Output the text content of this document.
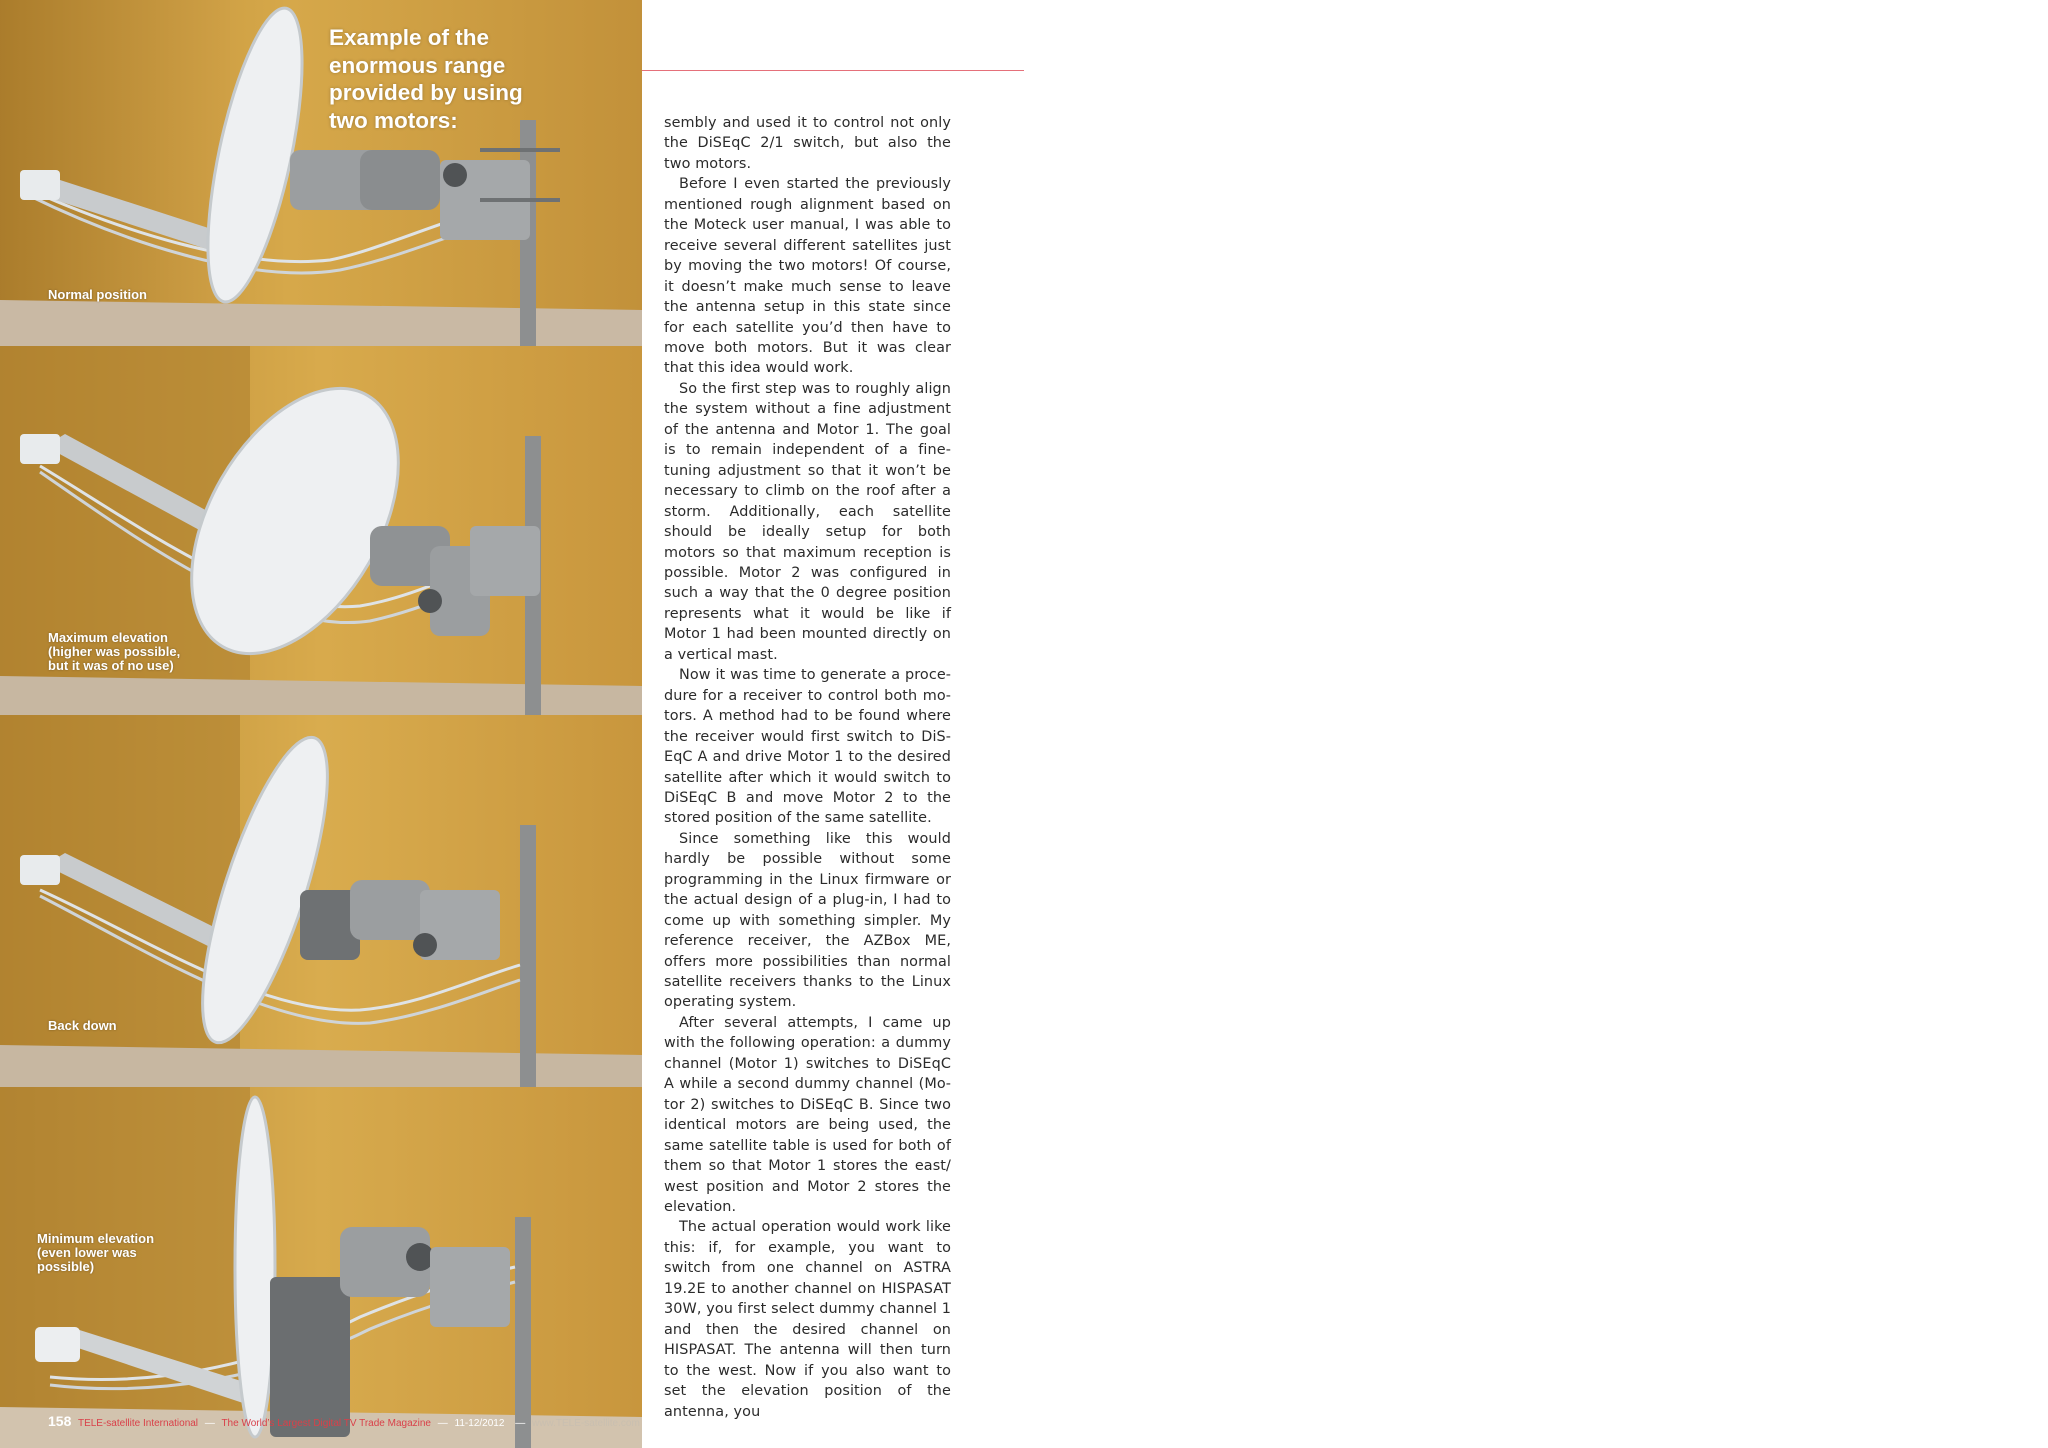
Example of the
enormous range
provided by using
two motors:
Normal position
Maximum elevation
(higher was possible,
but it was of no use)
Back down
Minimum elevation
(even lower was
possible)

sembly and used it to control not only the DiSEqC 2/1 switch, but also the two motors.

Before I even started the previously mentioned rough alignment based on the Moteck user manual, I was able to receive several different satellites just by moving the two motors! Of course, it doesn’t make much sense to leave the antenna setup in this state since for each satellite you’d then have to move both motors. But it was clear that this idea would work.

So the first step was to roughly align the system without a fine adjustment of the antenna and Motor 1. The goal is to remain independent of a fine-tuning adjustment so that it won’t be necessary to climb on the roof after a storm. Additionally, each satellite should be ideally setup for both motors so that maximum reception is possible. Motor 2 was configured in such a way that the 0 degree position represents what it would be like if Motor 1 had been mounted directly on a vertical mast.

Now it was time to generate a procedure for a receiver to control both motors. A method had to be found where the receiver would first switch to DiSEqC A and drive Motor 1 to the desired satellite after which it would switch to DiSEqC B and move Motor 2 to the stored position of the same satellite.

Since something like this would hardly be possible without some programming in the Linux firmware or the actual design of a plug-in, I had to come up with something simpler. My reference receiver, the AZBox ME, offers more possibilities than normal satellite receivers thanks to the Linux operating system.

After several attempts, I came up with the following operation: a dummy channel (Motor 1) switches to DiSEqC A while a second dummy channel (Motor 2) switches to DiSEqC B. Since two identical motors are being used, the same satellite table is used for both of them so that Motor 1 stores the east/ west position and Motor 2 stores the elevation.

The actual operation would work like this: if, for example, you want to switch from one channel on ASTRA 19.2E to another channel on HISPASAT 30W, you first select dummy channel 1 and then the desired channel on HISPASAT. The antenna will then turn to the west. Now if you also want to set the elevation position of the antenna, you

158 TELE-satellite International — The World’s Largest Digital TV Trade Magazine — 11-12/2012 — www.TELE-satellite.com
